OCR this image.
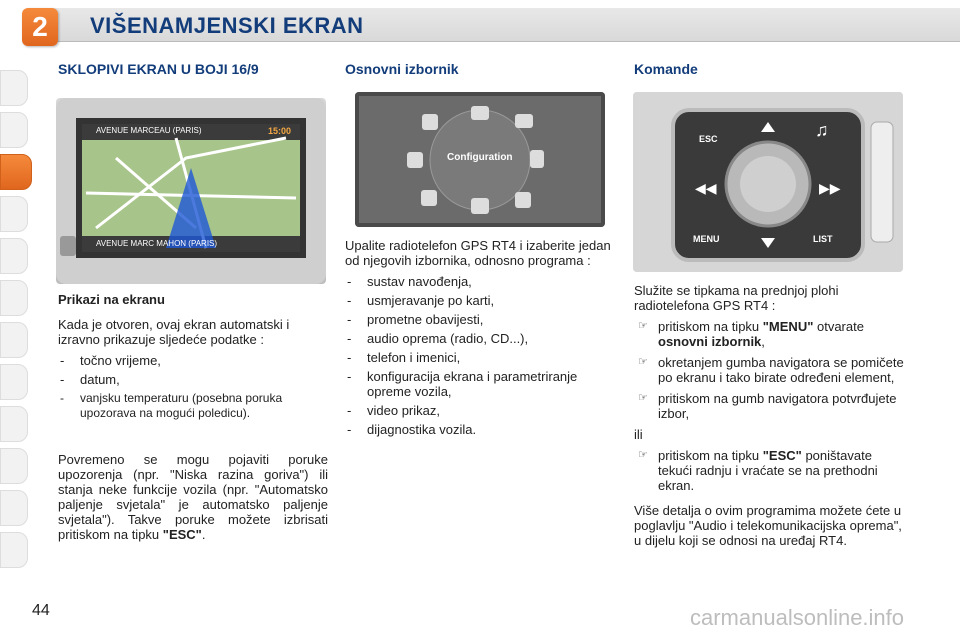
2	VIŠENAMJENSKI EKRAN
SKLOPIVI EKRAN U BOJI 16/9
AVENUE MARCEAU (PARIS)	15:00
AVENUE MARC MAHON (PARIS)
Prikazi na ekranu

Kada je otvoren, ovaj ekran automatski i izravno prikazuje sljedeće podatke :

- točno vrijeme,
- datum,
- vanjsku temperaturu (posebna poruka upozorava na mogući poledicu).
Povremeno se mogu pojaviti poruke upozorenja (npr. "Niska razina goriva") ili stanja neke funkcije vozila (npr. "Automatsko paljenje svjetala" je automatsko paljenje svjetala"). Takve poruke možete izbrisati pritiskom na tipku "ESC".
Osnovni izbornik
Configuration

Upalite radiotelefon GPS RT4 i izaberite jedan od njegovih izbornika, odnosno programa :

- sustav navođenja,
- usmjeravanje po karti,
- prometne obavijesti,
- audio oprema (radio, CD...),
- telefon i imenici,
- konfiguracija ekrana i parametriranje opreme vozila,
- video prikaz,
- dijagnostika vozila.
Komande
ESC
MENU	LIST
◀◀	▶▶
♫

Služite se tipkama na prednjoj plohi radiotelefona GPS RT4 :

☞ pritiskom na tipku "MENU" otvarate osnovni izbornik,
☞ okretanjem gumba navigatora se pomičete po ekranu i tako birate određeni element,
☞ pritiskom na gumb navigatora potvrđujete izbor,

ili

☞ pritiskom na tipku "ESC" poništavate tekući radnju i vraćate se na prethodni ekran.

Više detalja o ovim programima možete ćete u poglavlju "Audio i telekomunikacijska oprema", u dijelu koji se odnosi na uređaj RT4.

44	carmanualsonline.info
